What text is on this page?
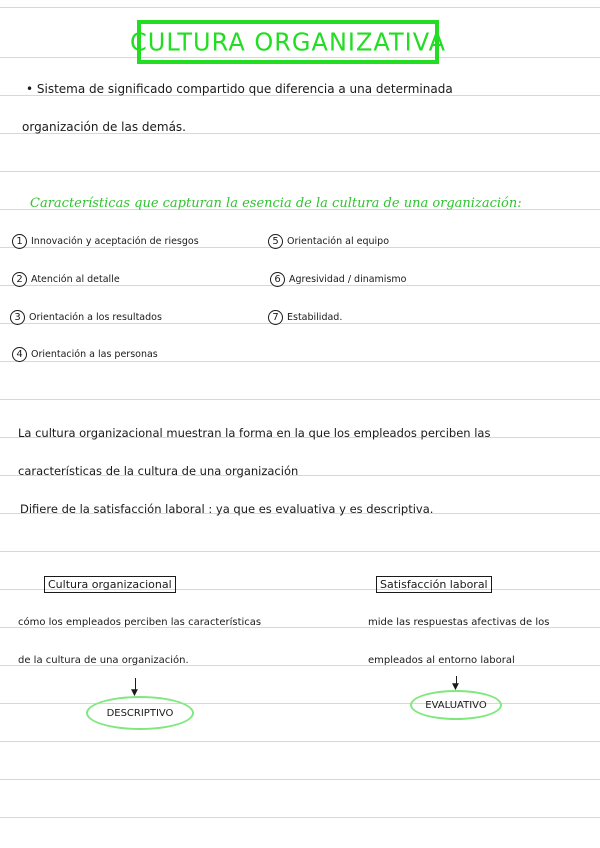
CULTURA ORGANIZATIVA
• Sistema de significado compartido que diferencia a una determinada
organización de las demás.
Características que capturan la esencia de la cultura de una organización:
1 Innovación y aceptación de riesgos
2 Atención al detalle
3 Orientación a los resultados
4 Orientación a las personas
5 Orientación al equipo
6 Agresividad / dinamismo
7 Estabilidad.
La cultura organizacional muestran la forma en la que los empleados perciben las
características de la cultura de una organización
Difiere de la satisfacción laboral : ya que es evaluativa y es descriptiva.
Cultura organizacional
cómo los empleados perciben las características
de la cultura de una organización.
▼
DESCRIPTIVO
Satisfacción laboral
mide las respuestas afectivas de los
empleados al entorno laboral
▼
EVALUATIVO
